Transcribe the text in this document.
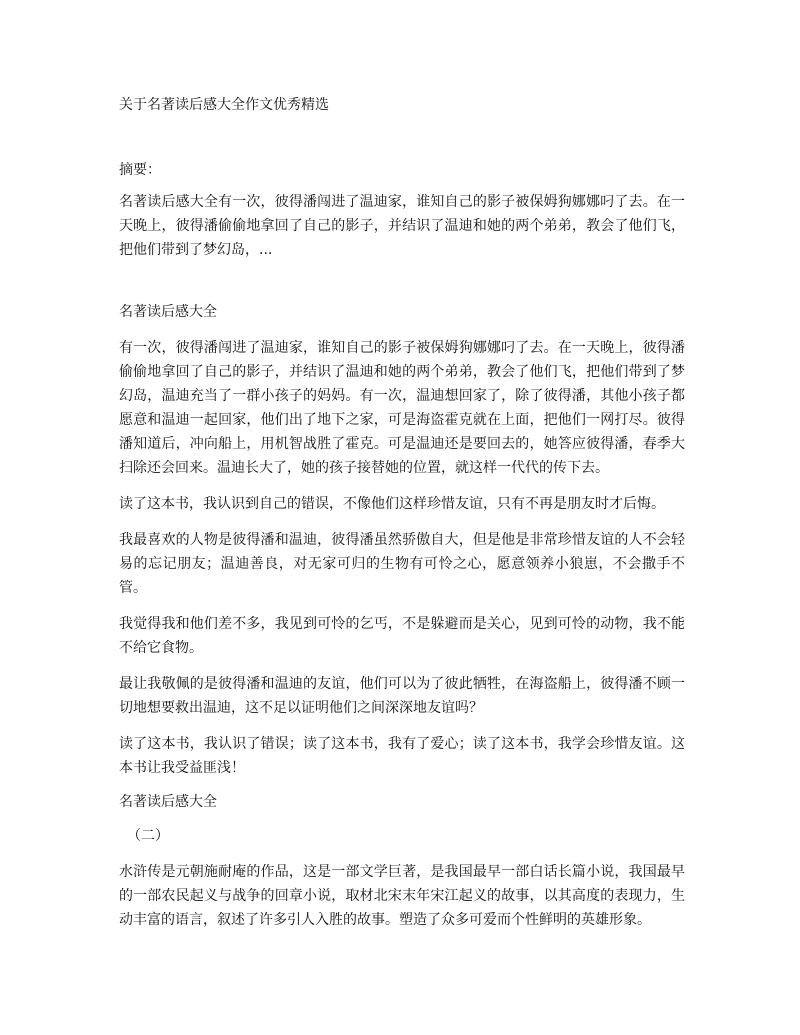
关于名著读后感大全作文优秀精选
摘要：
名著读后感大全有一次，彼得潘闯进了温迪家，谁知自己的影子被保姆狗娜娜叼了去。在一天晚上，彼得潘偷偷地拿回了自己的影子，并结识了温迪和她的两个弟弟，教会了他们飞，把他们带到了梦幻岛，...
名著读后感大全

有一次，彼得潘闯进了温迪家，谁知自己的影子被保姆狗娜娜叼了去。在一天晚上，彼得潘偷偷地拿回了自己的影子，并结识了温迪和她的两个弟弟，教会了他们飞，把他们带到了梦幻岛，温迪充当了一群小孩子的妈妈。有一次，温迪想回家了，除了彼得潘，其他小孩子都愿意和温迪一起回家，他们出了地下之家，可是海盗霍克就在上面，把他们一网打尽。彼得潘知道后，冲向船上，用机智战胜了霍克。可是温迪还是要回去的，她答应彼得潘，春季大扫除还会回来。温迪长大了，她的孩子接替她的位置，就这样一代代的传下去。

读了这本书，我认识到自己的错误，不像他们这样珍惜友谊，只有不再是朋友时才后悔。

我最喜欢的人物是彼得潘和温迪，彼得潘虽然骄傲自大，但是他是非常珍惜友谊的人不会轻易的忘记朋友；温迪善良，对无家可归的生物有可怜之心，愿意领养小狼崽，不会撒手不管。

我觉得我和他们差不多，我见到可怜的乞丐，不是躲避而是关心，见到可怜的动物，我不能不给它食物。

最让我敬佩的是彼得潘和温迪的友谊，他们可以为了彼此牺牲，在海盗船上，彼得潘不顾一切地想要救出温迪，这不足以证明他们之间深深地友谊吗？

读了这本书，我认识了错误；读了这本书，我有了爱心；读了这本书，我学会珍惜友谊。这本书让我受益匪浅！

名著读后感大全
（二）

水浒传是元朝施耐庵的作品，这是一部文学巨著，是我国最早一部白话长篇小说，我国最早的一部农民起义与战争的回章小说，取材北宋末年宋江起义的故事，以其高度的表现力，生动丰富的语言，叙述了许多引人入胜的故事。塑造了众多可爱而个性鲜明的英雄形象。
